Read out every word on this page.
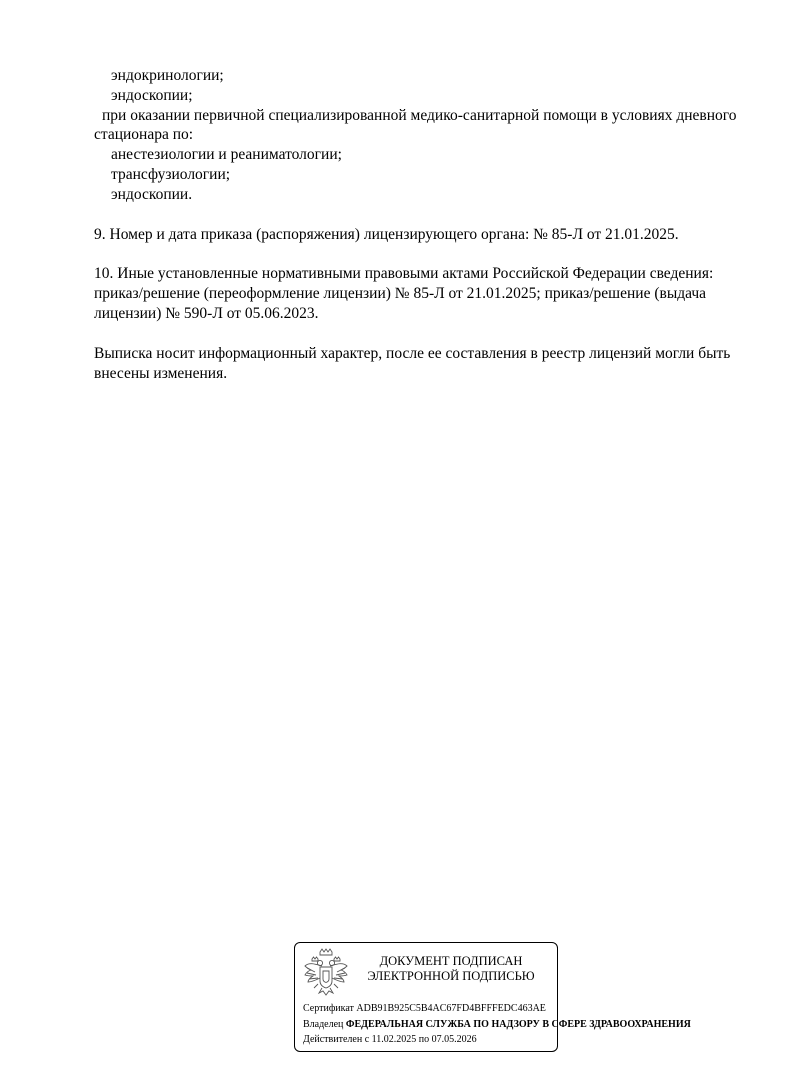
эндокринологии;
эндоскопии;
при оказании первичной специализированной медико-санитарной помощи в условиях дневного
стационара по:
анестезиологии и реаниматологии;
трансфузиологии;
эндоскопии.
9. Номер и дата приказа (распоряжения) лицензирующего органа: № 85-Л от 21.01.2025.
10. Иные установленные нормативными правовыми актами Российской Федерации сведения:
приказ/решение (переоформление лицензии) № 85-Л от 21.01.2025; приказ/решение (выдача
лицензии) № 590-Л от 05.06.2023.
Выписка носит информационный характер, после ее составления в реестр лицензий могли быть
внесены изменения.
ДОКУМЕНТ ПОДПИСАН
ЭЛЕКТРОННОЙ ПОДПИСЬЮ
Сертификат ADB91B925C5B4AC67FD4BFFFEDC463AE
Владелец ФЕДЕРАЛЬНАЯ СЛУЖБА ПО НАДЗОРУ В СФЕРЕ ЗДРАВООХРАНЕНИЯ
Действителен с 11.02.2025 по 07.05.2026
